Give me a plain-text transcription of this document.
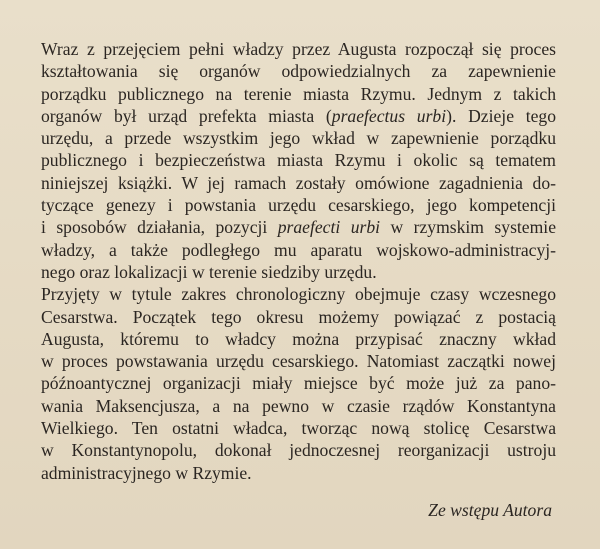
Wraz z przejęciem pełni władzy przez Augusta rozpoczął się proces
kształtowania się organów odpowiedzialnych za zapewnienie
porządku publicznego na terenie miasta Rzymu. Jednym z takich
organów był urząd prefekta miasta (praefectus urbi). Dzieje tego
urzędu, a przede wszystkim jego wkład w zapewnienie porządku
publicznego i bezpieczeństwa miasta Rzymu i okolic są tematem
niniejszej książki. W jej ramach zostały omówione zagadnienia do-
tyczące genezy i powstania urzędu cesarskiego, jego kompetencji
i sposobów działania, pozycji praefecti urbi w rzymskim systemie
władzy, a także podległego mu aparatu wojskowo-administracyj-
nego oraz lokalizacji w terenie siedziby urzędu.
Przyjęty w tytule zakres chronologiczny obejmuje czasy wczesnego
Cesarstwa. Początek tego okresu możemy powiązać z postacią
Augusta, któremu to władcy można przypisać znaczny wkład
w proces powstawania urzędu cesarskiego. Natomiast zaczątki nowej
późnoantycznej organizacji miały miejsce być może już za pano-
wania Maksencjusza, a na pewno w czasie rządów Konstantyna
Wielkiego. Ten ostatni władca, tworząc nową stolicę Cesarstwa
w Konstantynopolu, dokonał jednoczesnej reorganizacji ustroju
administracyjnego w Rzymie.
Ze wstępu Autora
